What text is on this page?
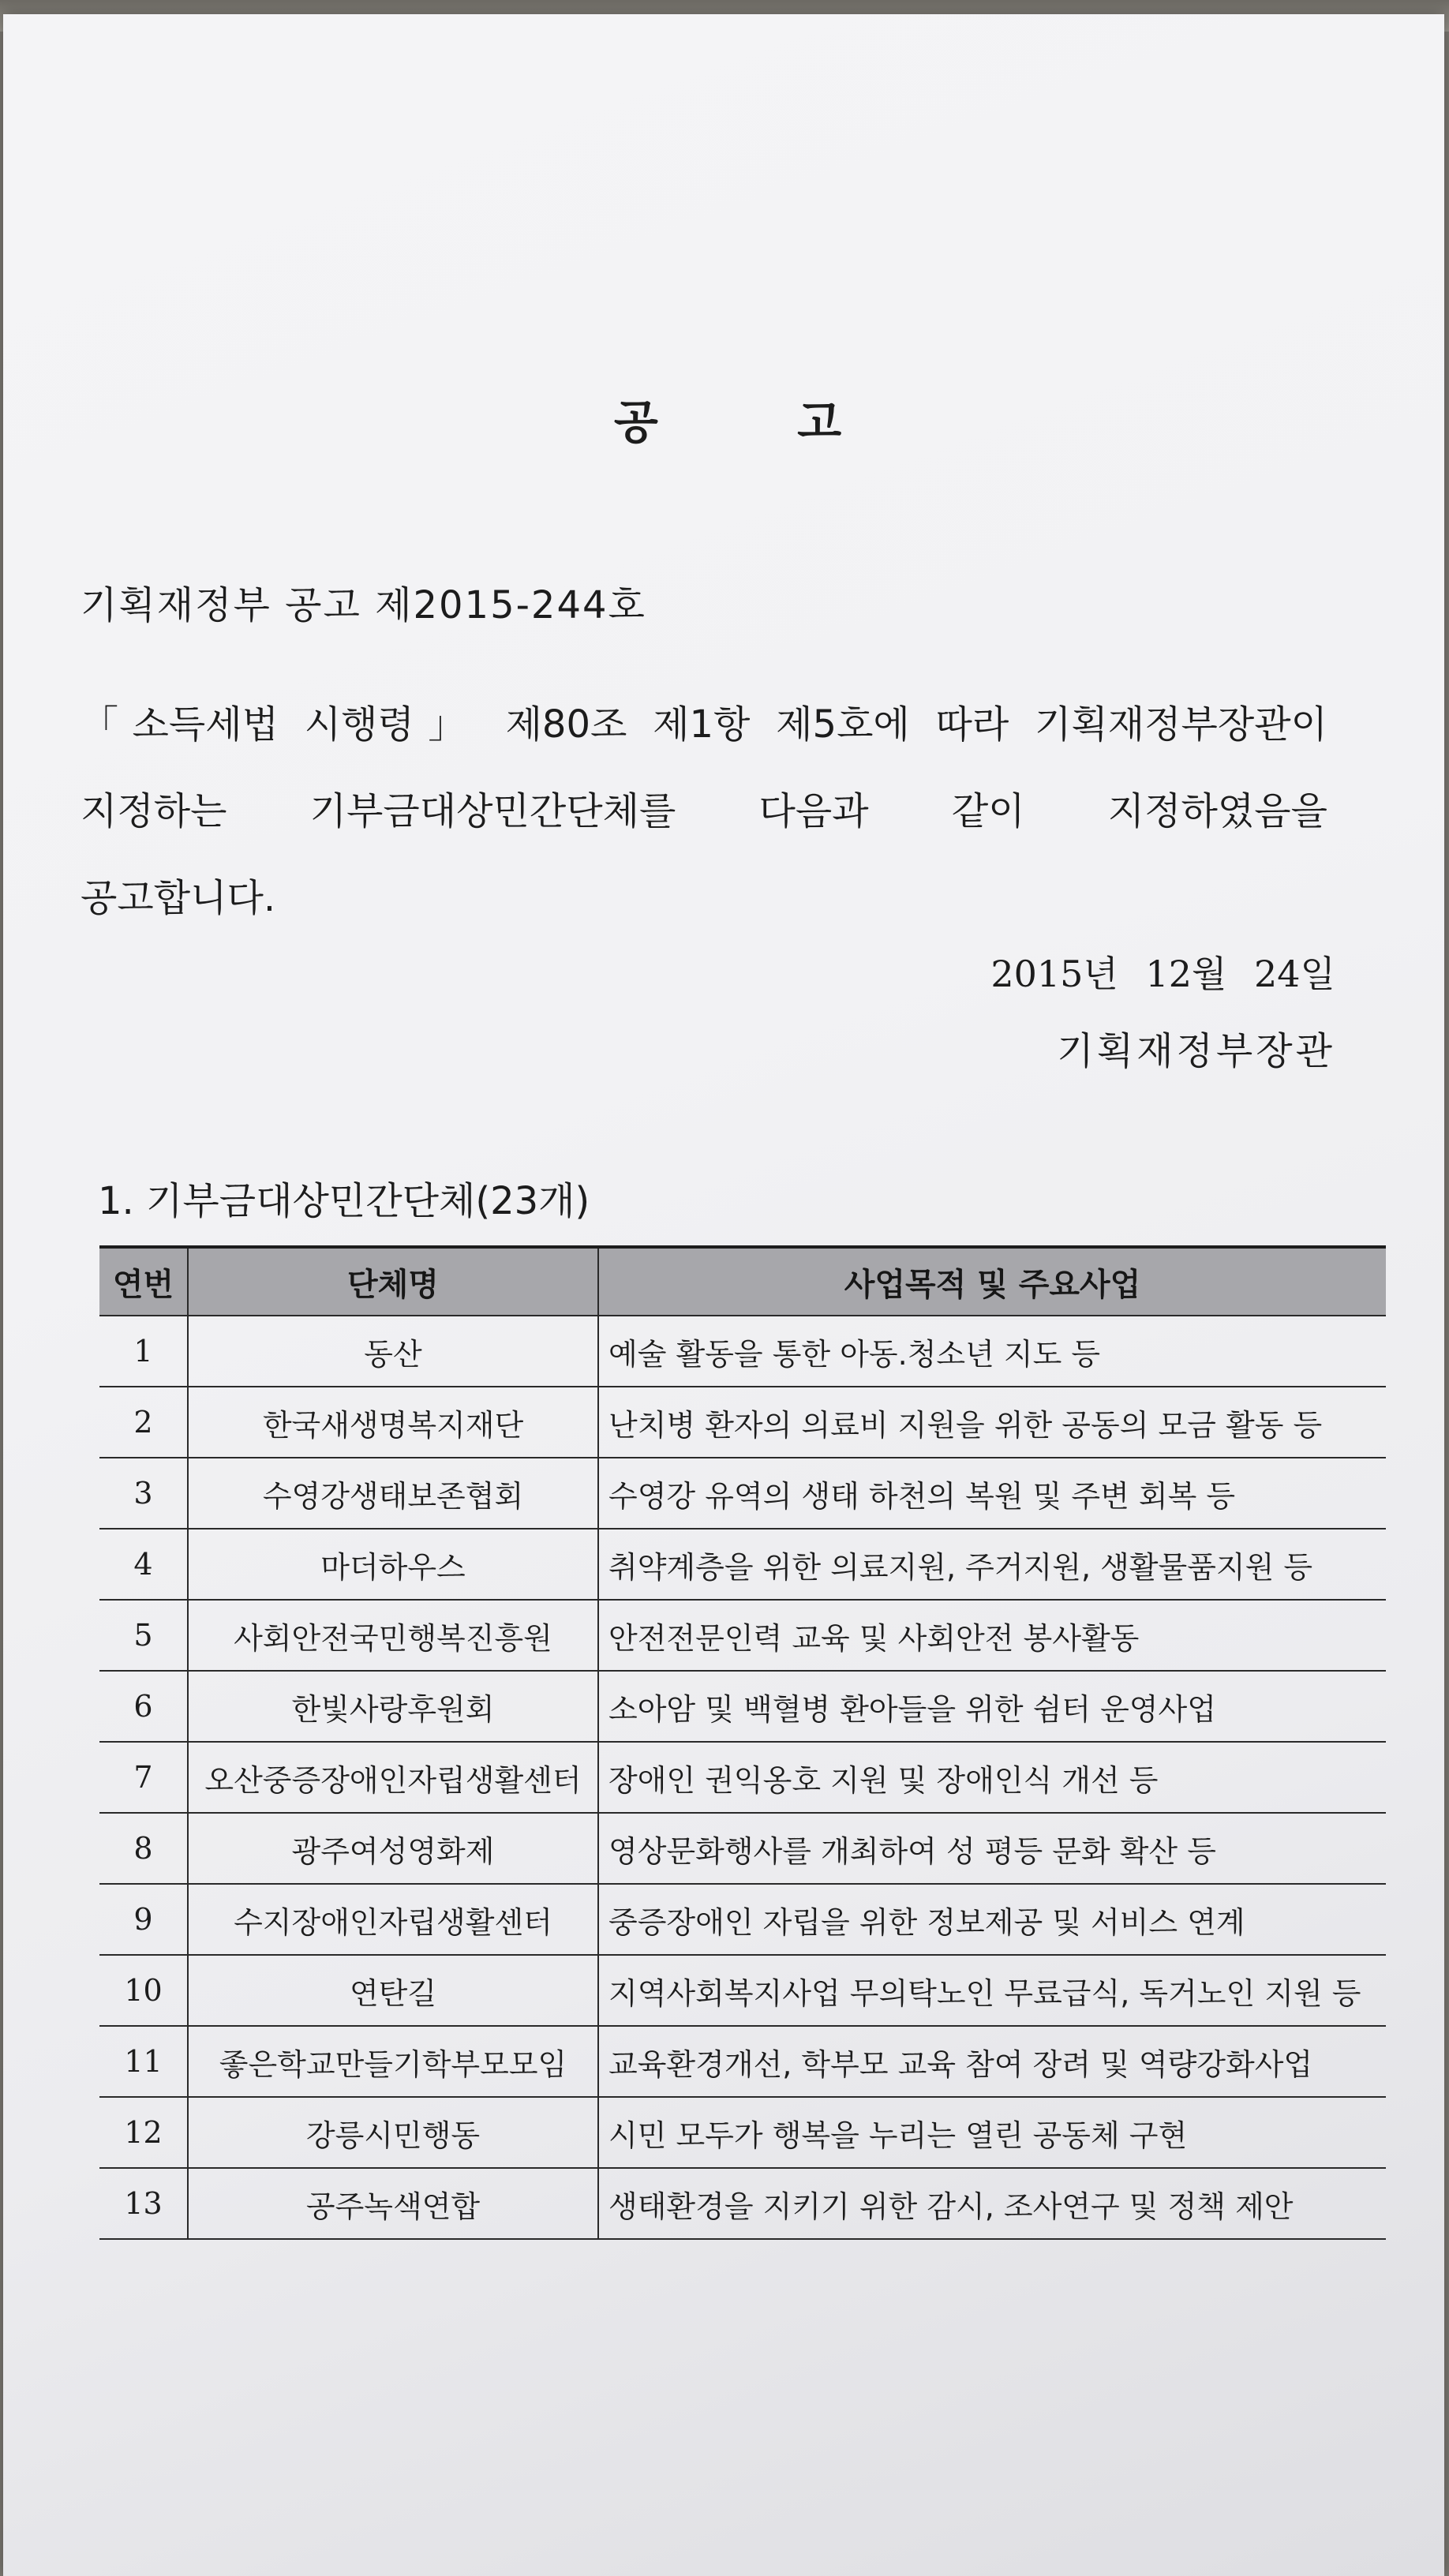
공 고
기획재정부 공고 제2015-244호
「소득세법 시행령」 제80조 제1항 제5호에 따라 기획재정부장관이
지정하는 기부금대상민간단체를 다음과 같이 지정하였음을
공고합니다.
2015년 12월 24일
기획재정부장관
1. 기부금대상민간단체(23개)
연번	단체명	사업목적 및 주요사업
1	동산	예술 활동을 통한 아동.청소년 지도 등
2	한국새생명복지재단	난치병 환자의 의료비 지원을 위한 공동의 모금 활동 등
3	수영강생태보존협회	수영강 유역의 생태 하천의 복원 및 주변 회복 등
4	마더하우스	취약계층을 위한 의료지원, 주거지원, 생활물품지원 등
5	사회안전국민행복진흥원	안전전문인력 교육 및 사회안전 봉사활동
6	한빛사랑후원회	소아암 및 백혈병 환아들을 위한 쉼터 운영사업
7	오산중증장애인자립생활센터	장애인 권익옹호 지원 및 장애인식 개선 등
8	광주여성영화제	영상문화행사를 개최하여 성 평등 문화 확산 등
9	수지장애인자립생활센터	중증장애인 자립을 위한 정보제공 및 서비스 연계
10	연탄길	지역사회복지사업 무의탁노인 무료급식, 독거노인 지원 등
11	좋은학교만들기학부모모임	교육환경개선, 학부모 교육 참여 장려 및 역량강화사업
12	강릉시민행동	시민 모두가 행복을 누리는 열린 공동체 구현
13	공주녹색연합	생태환경을 지키기 위한 감시, 조사연구 및 정책 제안
